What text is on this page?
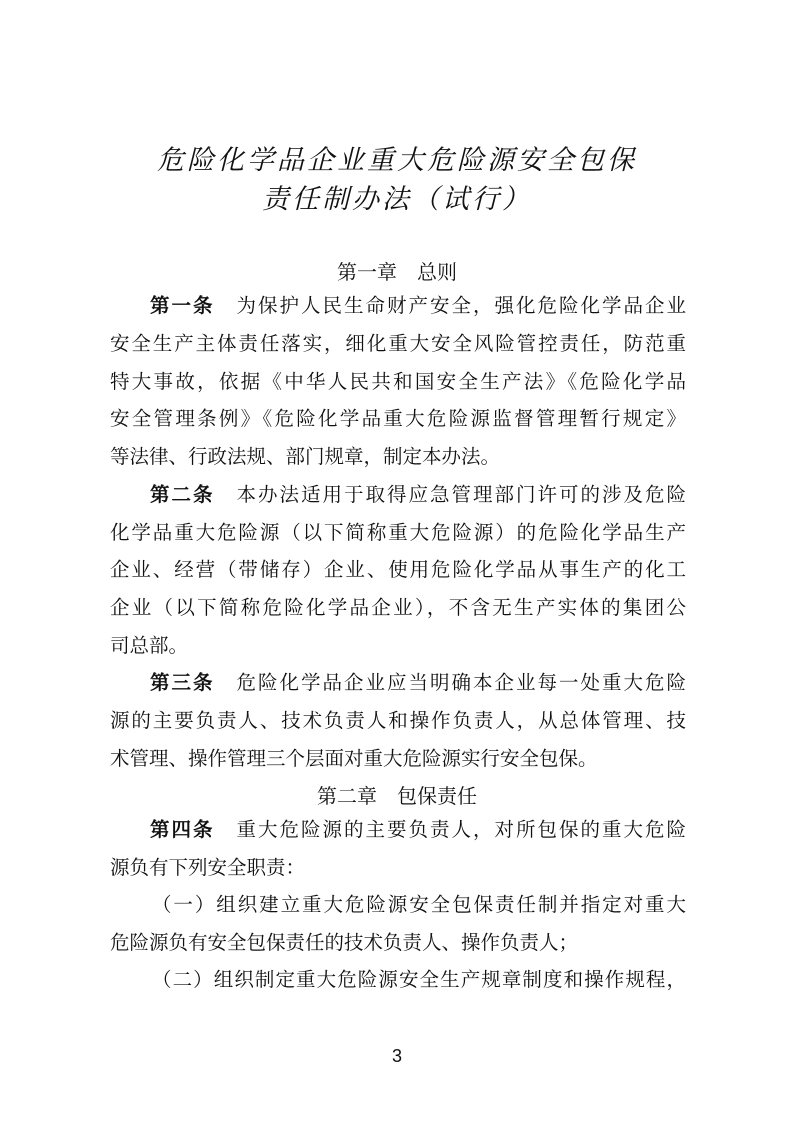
危险化学品企业重大危险源安全包保
责任制办法（试行）
第一章 总则
第一条 为保护人民生命财产安全，强化危险化学品企业
安全生产主体责任落实，细化重大安全风险管控责任，防范重
特大事故，依据《中华人民共和国安全生产法》《危险化学品
安全管理条例》《危险化学品重大危险源监督管理暂行规定》
等法律、行政法规、部门规章，制定本办法。
第二条 本办法适用于取得应急管理部门许可的涉及危险
化学品重大危险源（以下简称重大危险源）的危险化学品生产
企业、经营（带储存）企业、使用危险化学品从事生产的化工
企业（以下简称危险化学品企业），不含无生产实体的集团公
司总部。
第三条 危险化学品企业应当明确本企业每一处重大危险
源的主要负责人、技术负责人和操作负责人，从总体管理、技
术管理、操作管理三个层面对重大危险源实行安全包保。
第二章 包保责任
第四条 重大危险源的主要负责人，对所包保的重大危险
源负有下列安全职责：
（一）组织建立重大危险源安全包保责任制并指定对重大
危险源负有安全包保责任的技术负责人、操作负责人；
（二）组织制定重大危险源安全生产规章制度和操作规程，
3
